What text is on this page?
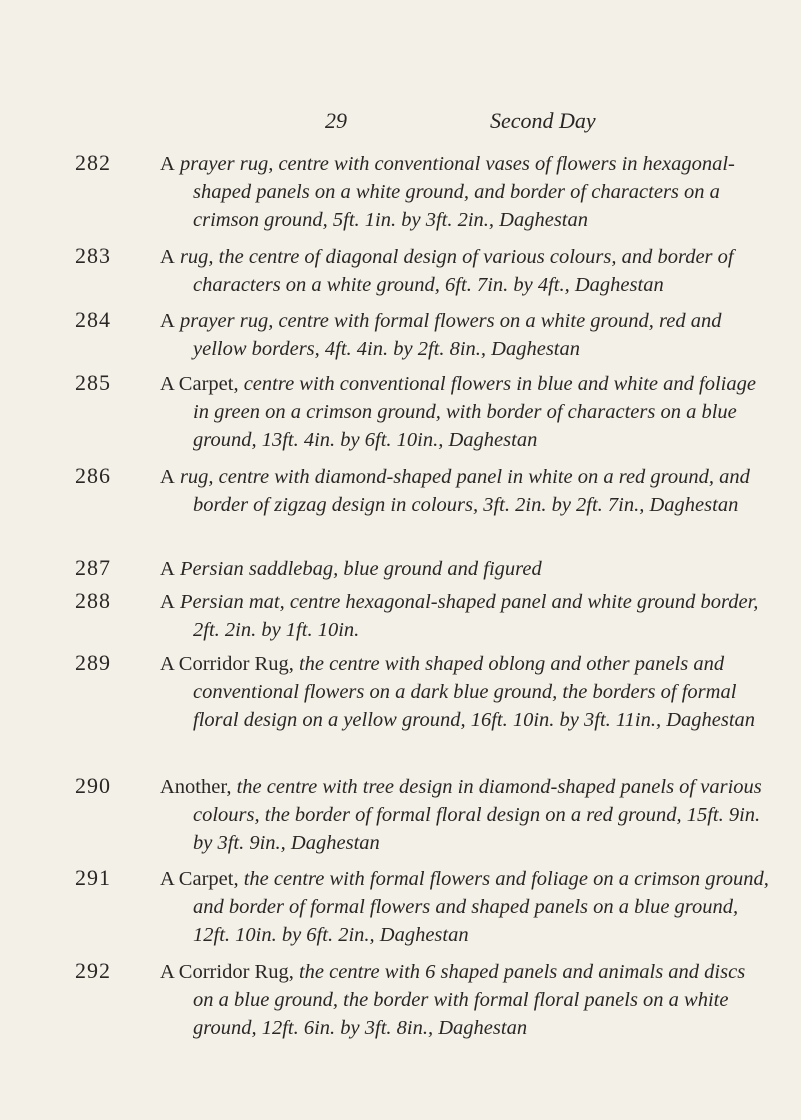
29	Second Day
282 A prayer rug, centre with conventional vases of flowers in hexagonal-shaped panels on a white ground, and border of characters on a crimson ground, 5ft. 1in. by 3ft. 2in., Daghestan
283 A rug, the centre of diagonal design of various colours, and border of characters on a white ground, 6ft. 7in. by 4ft., Daghestan
284 A prayer rug, centre with formal flowers on a white ground, red and yellow borders, 4ft. 4in. by 2ft. 8in., Daghestan
285 A Carpet, centre with conventional flowers in blue and white and foliage in green on a crimson ground, with border of characters on a blue ground, 13ft. 4in. by 6ft. 10in., Daghestan
286 A rug, centre with diamond-shaped panel in white on a red ground, and border of zigzag design in colours, 3ft. 2in. by 2ft. 7in., Daghestan
287 A Persian saddlebag, blue ground and figured
288 A Persian mat, centre hexagonal-shaped panel and white ground border, 2ft. 2in. by 1ft. 10in.
289 A Corridor Rug, the centre with shaped oblong and other panels and conventional flowers on a dark blue ground, the borders of formal floral design on a yellow ground, 16ft. 10in. by 3ft. 11in., Daghestan
290 Another, the centre with tree design in diamond-shaped panels of various colours, the border of formal floral design on a red ground, 15ft. 9in. by 3ft. 9in., Daghestan
291 A Carpet, the centre with formal flowers and foliage on a crimson ground, and border of formal flowers and shaped panels on a blue ground, 12ft. 10in. by 6ft. 2in., Daghestan
292 A Corridor Rug, the centre with 6 shaped panels and animals and discs on a blue ground, the border with formal floral panels on a white ground, 12ft. 6in. by 3ft. 8in., Daghestan
